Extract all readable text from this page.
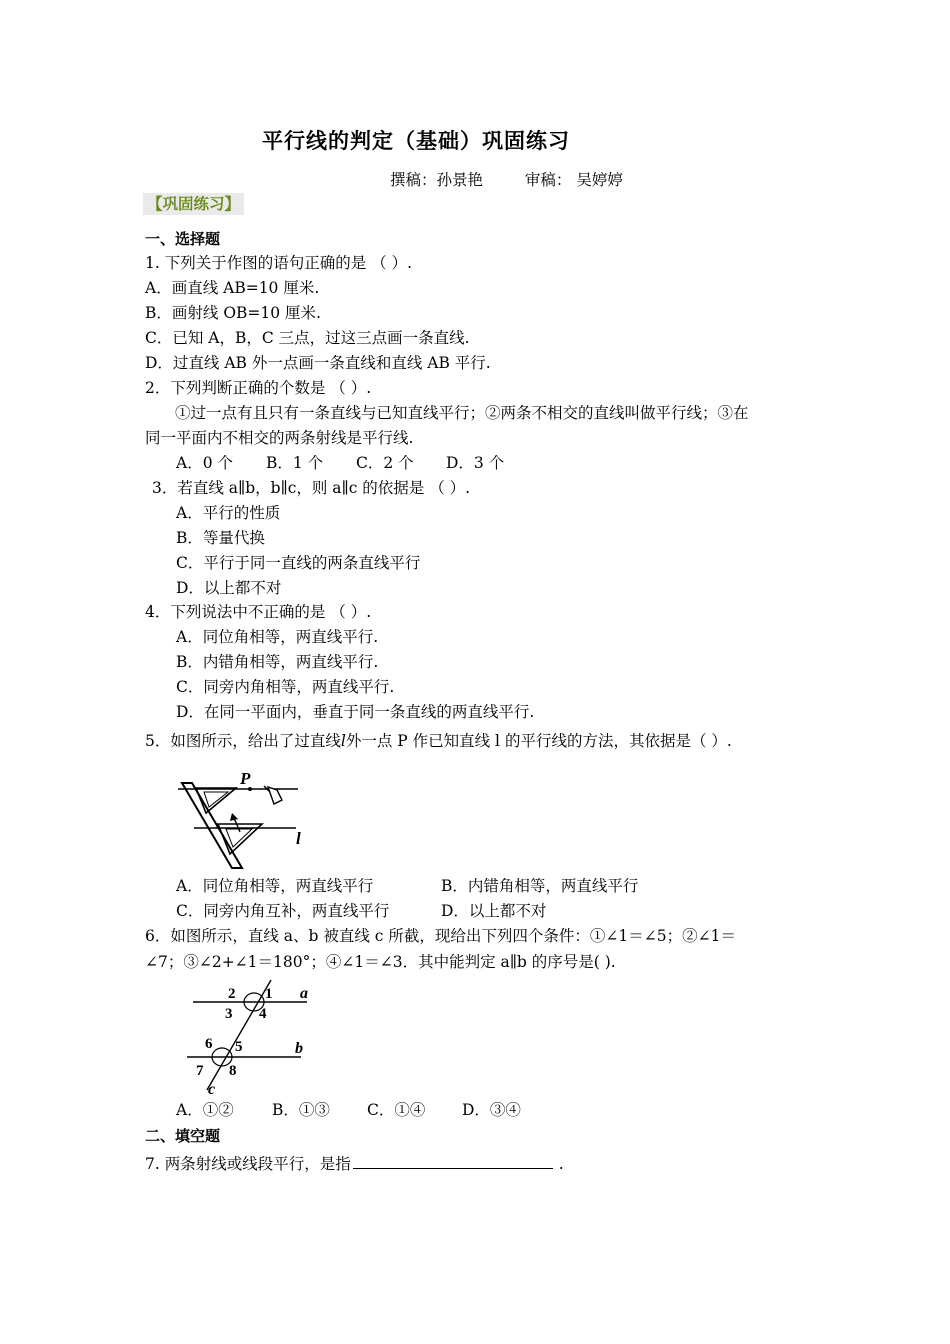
平行线的判定（基础）巩固练习
撰稿：孙景艳	审稿： 吴婷婷
【巩固练习】
一、选择题
1. 下列关于作图的语句正确的是 （ ）.
A．画直线 AB=10 厘米.
B．画射线 OB=10 厘米.
C．已知 A，B，C 三点，过这三点画一条直线.
D．过直线 AB 外一点画一条直线和直线 AB 平行.
2．下列判断正确的个数是 （ ）.
①过一点有且只有一条直线与已知直线平行；②两条不相交的直线叫做平行线；③在
同一平面内不相交的两条射线是平行线.
A．0 个 B．1 个 C．2 个 D．3 个
3．若直线 a∥b，b∥c，则 a∥c 的依据是 （ ）.
A．平行的性质
B．等量代换
C．平行于同一直线的两条直线平行
D．以上都不对
4．下列说法中不正确的是 （ ）.
A．同位角相等，两直线平行.
B．内错角相等，两直线平行.
C．同旁内角相等，两直线平行.
D．在同一平面内，垂直于同一条直线的两直线平行.
5．如图所示，给出了过直线l外一点 P 作已知直线 l 的平行线的方法，其依据是（ ）.
P
l
A．同位角相等，两直线平行	B．内错角相等，两直线平行
C．同旁内角互补，两直线平行	D．以上都不对
6．如图所示，直线 a、b 被直线 c 所截，现给出下列四个条件：①∠1＝∠5；②∠1＝
∠7；③∠2+∠1＝180°；④∠1＝∠3．其中能判定 a∥b 的序号是( ).
2 1
3 4
a
6 5
7 8
b
c
A．①② B．①③ C．①④ D．③④
二、填空题
7. 两条射线或线段平行，是指	.
